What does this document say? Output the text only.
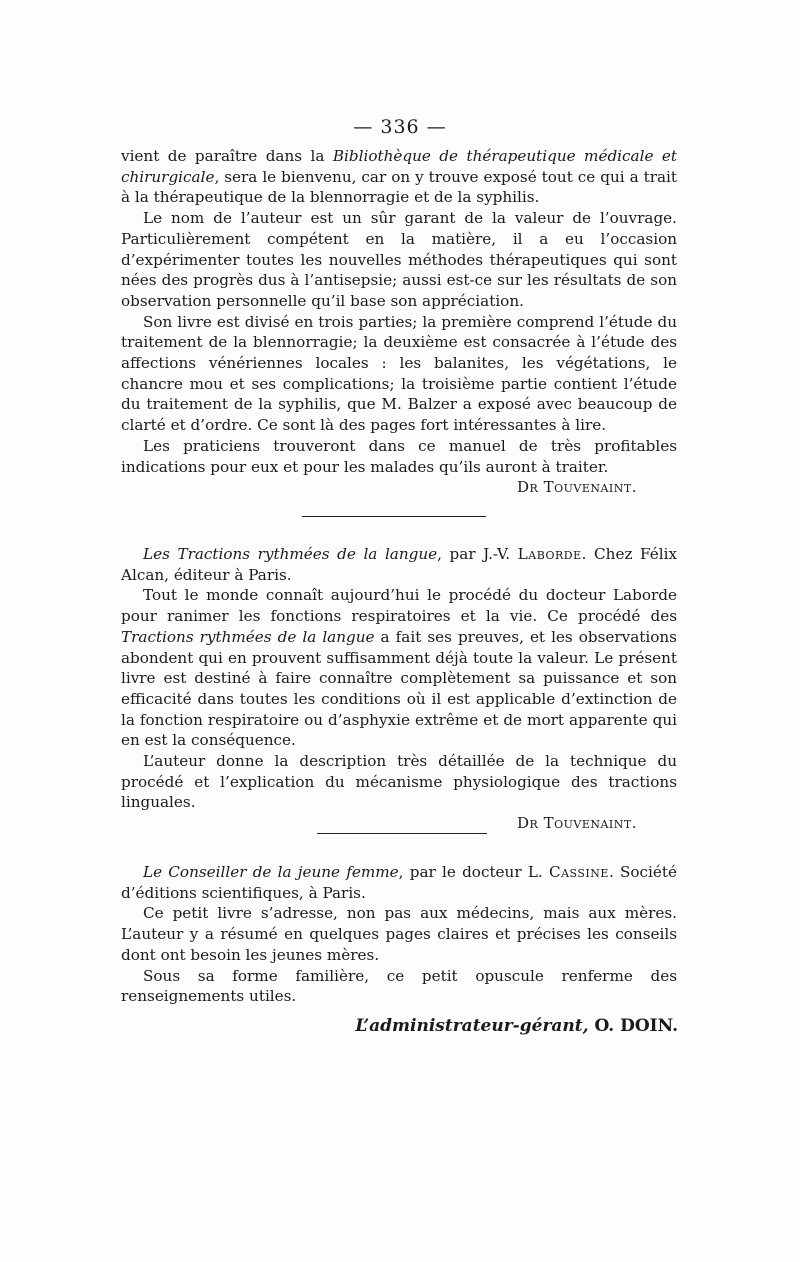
— 336 —

vient de paraître dans la Bibliothèque de thérapeutique médicale et chirurgicale, sera le bienvenu, car on y trouve exposé tout ce qui a trait à la thérapeutique de la blennorragie et de la syphilis.

Le nom de l’auteur est un sûr garant de la valeur de l’ouvrage. Particulièrement compétent en la matière, il a eu l’occasion d’expérimenter toutes les nouvelles méthodes thérapeutiques qui sont nées des progrès dus à l’antisepsie; aussi est-ce sur les résultats de son observation personnelle qu’il base son appréciation.

Son livre est divisé en trois parties; la première comprend l’étude du traitement de la blennorragie; la deuxième est consacrée à l’étude des affections vénériennes locales : les balanites, les végétations, le chancre mou et ses complications; la troisième partie contient l’étude du traitement de la syphilis, que M. Balzer a exposé avec beaucoup de clarté et d’ordre. Ce sont là des pages fort intéressantes à lire.

Les praticiens trouveront dans ce manuel de très profitables indications pour eux et pour les malades qu’ils auront à traiter.

Dr Touvenaint.

Les Tractions rythmées de la langue, par J.-V. Laborde. Chez Félix Alcan, éditeur à Paris.

Tout le monde connaît aujourd’hui le procédé du docteur Laborde pour ranimer les fonctions respiratoires et la vie. Ce procédé des Tractions rythmées de la langue a fait ses preuves, et les observations abondent qui en prouvent suffisamment déjà toute la valeur. Le présent livre est destiné à faire connaître complètement sa puissance et son efficacité dans toutes les conditions où il est applicable d’extinction de la fonction respiratoire ou d’asphyxie extrême et de mort apparente qui en est la conséquence.

L’auteur donne la description très détaillée de la technique du procédé et l’explication du mécanisme physiologique des tractions linguales.

Dr Touvenaint.

Le Conseiller de la jeune femme, par le docteur L. Cassine. Société d’éditions scientifiques, à Paris.

Ce petit livre s’adresse, non pas aux médecins, mais aux mères. L’auteur y a résumé en quelques pages claires et précises les conseils dont ont besoin les jeunes mères.

Sous sa forme familière, ce petit opuscule renferme des renseignements utiles.

L’administrateur-gérant, O. DOIN.
